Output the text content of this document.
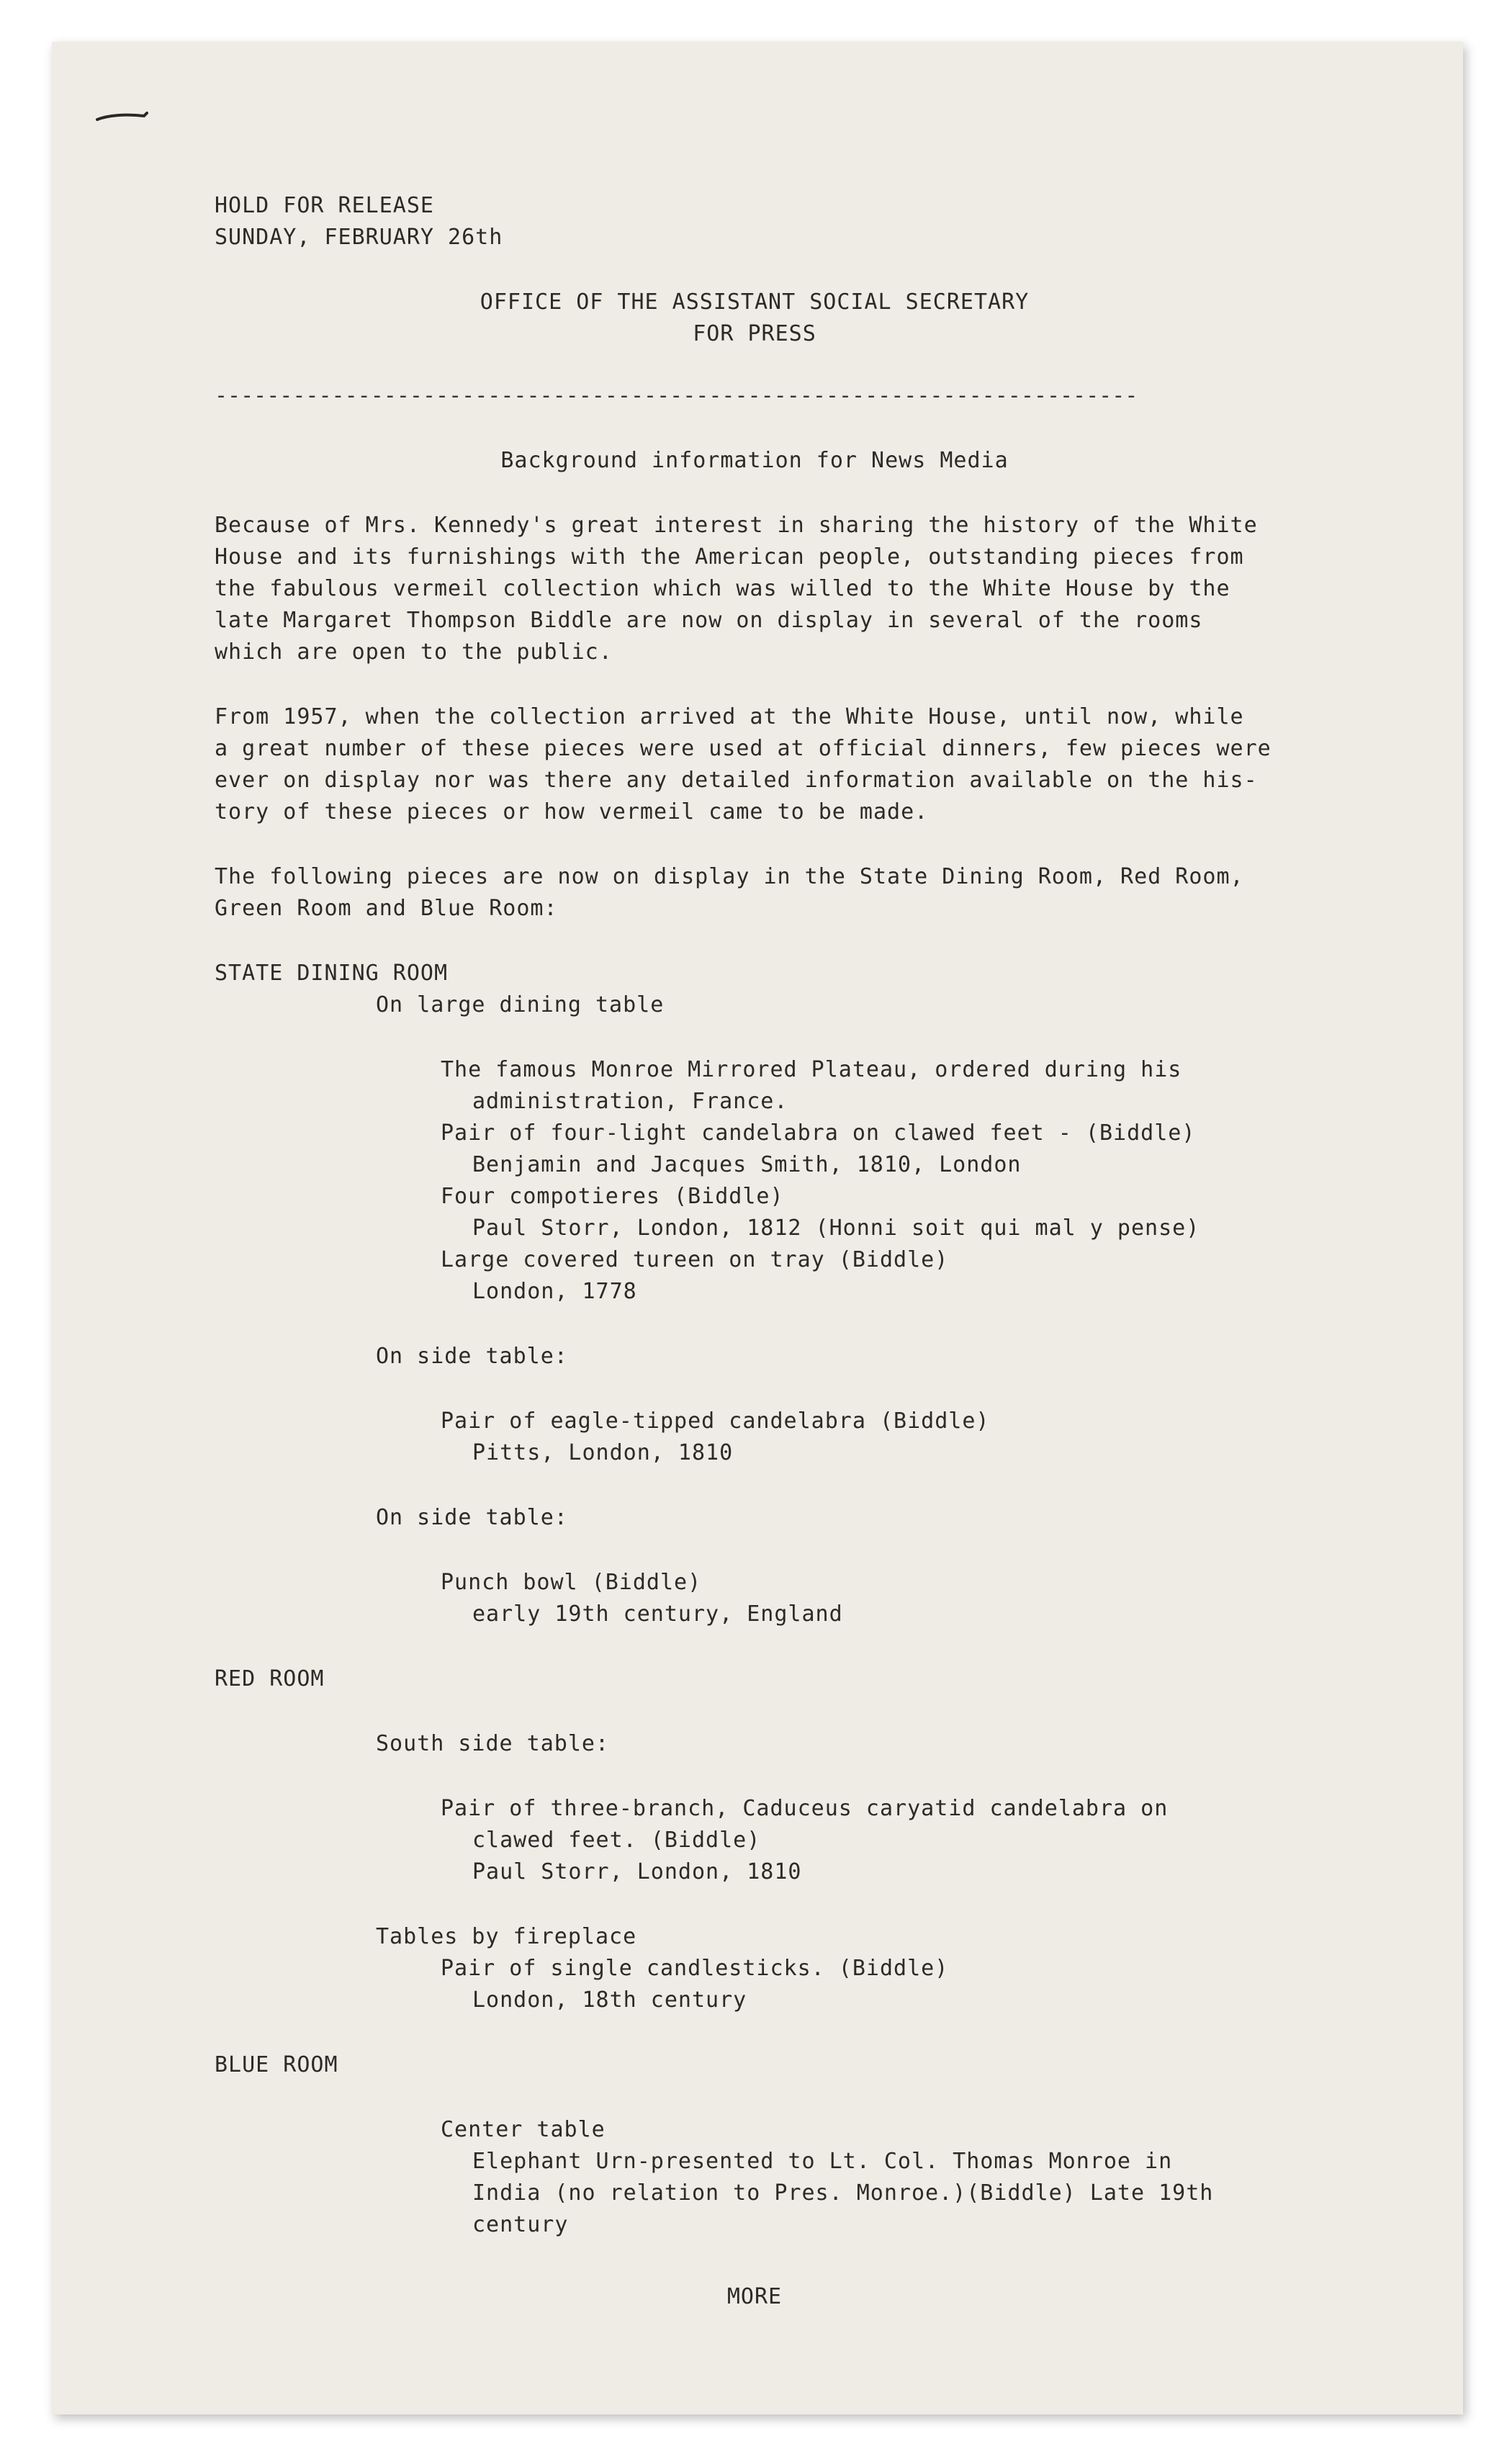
HOLD FOR RELEASE
SUNDAY, FEBRUARY 26th
OFFICE OF THE ASSISTANT SOCIAL SECRETARY
FOR PRESS
-----------------------------------------------------------------------
Background information for News Media
Because of Mrs. Kennedy's great interest in sharing the history of the White
House and its furnishings with the American people, outstanding pieces from
the fabulous vermeil collection which was willed to the White House by the
late Margaret Thompson Biddle are now on display in several of the rooms
which are open to the public.
From 1957, when the collection arrived at the White House, until now, while
a great number of these pieces were used at official dinners, few pieces were
ever on display nor was there any detailed information available on the his-
tory of these pieces or how vermeil came to be made.
The following pieces are now on display in the State Dining Room, Red Room,
Green Room and Blue Room:
STATE DINING ROOM
On large dining table
The famous Monroe Mirrored Plateau, ordered during his
administration, France.
Pair of four-light candelabra on clawed feet - (Biddle)
Benjamin and Jacques Smith, 1810, London
Four compotieres (Biddle)
Paul Storr, London, 1812 (Honni soit qui mal y pense)
Large covered tureen on tray (Biddle)
London, 1778
On side table:
Pair of eagle-tipped candelabra (Biddle)
Pitts, London, 1810
On side table:
Punch bowl (Biddle)
early 19th century, England
RED ROOM
South side table:
Pair of three-branch, Caduceus caryatid candelabra on
clawed feet. (Biddle)
Paul Storr, London, 1810
Tables by fireplace
Pair of single candlesticks. (Biddle)
London, 18th century
BLUE ROOM
Center table
Elephant Urn-presented to Lt. Col. Thomas Monroe in
India (no relation to Pres. Monroe.)(Biddle) Late 19th
century
MORE
